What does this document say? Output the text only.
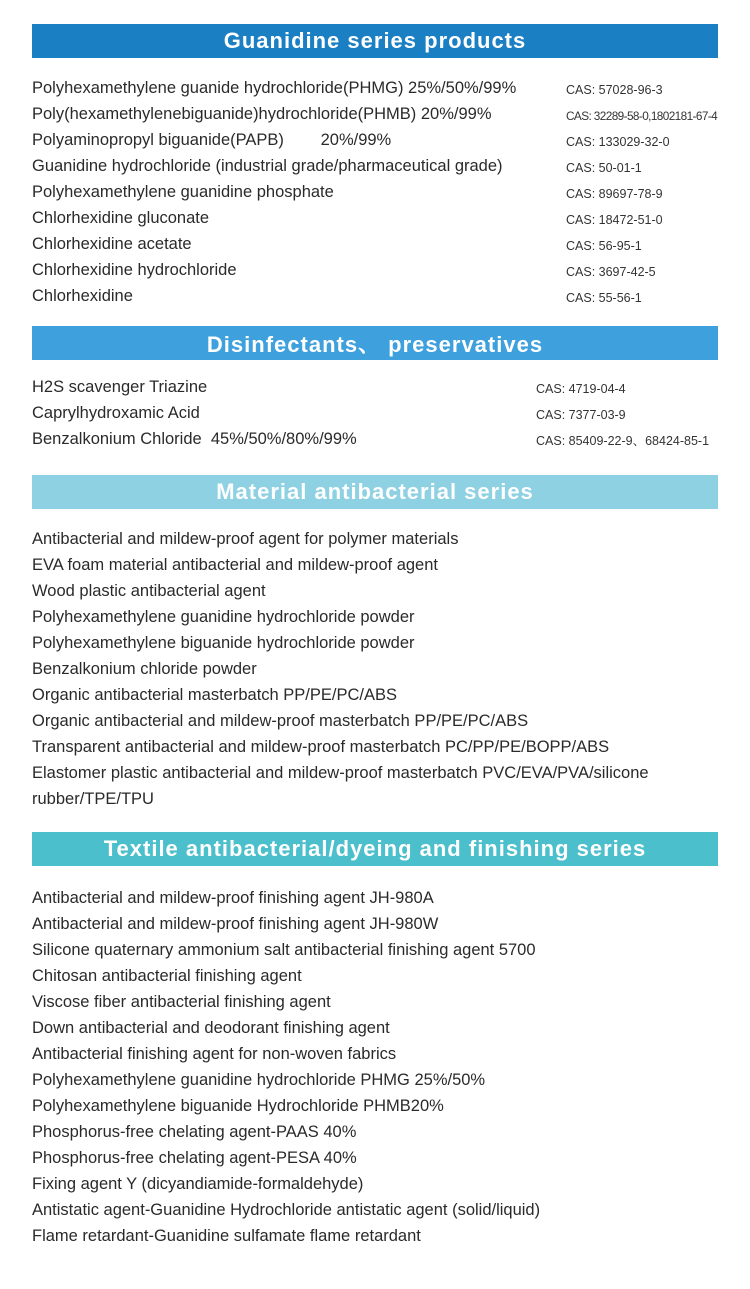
Guanidine series products
Polyhexamethylene guanide hydrochloride(PHMG) 25%/50%/99%	CAS: 57028-96-3
Poly(hexamethylenebiguanide)hydrochloride(PHMB) 20%/99%	CAS: 32289-58-0,1802181-67-4
Polyaminopropyl biguanide(PAPB)        20%/99%	CAS: 133029-32-0
Guanidine hydrochloride (industrial grade/pharmaceutical grade)	CAS: 50-01-1
Polyhexamethylene guanidine phosphate	CAS: 89697-78-9
Chlorhexidine gluconate	CAS: 18472-51-0
Chlorhexidine acetate	CAS: 56-95-1
Chlorhexidine hydrochloride	CAS: 3697-42-5
Chlorhexidine	CAS: 55-56-1
Disinfectants、 preservatives
H2S scavenger Triazine	CAS: 4719-04-4
Caprylhydroxamic Acid	CAS: 7377-03-9
Benzalkonium Chloride  45%/50%/80%/99%	CAS: 85409-22-9、68424-85-1
Material antibacterial series
Antibacterial and mildew-proof agent for polymer materials
EVA foam material antibacterial and mildew-proof agent
Wood plastic antibacterial agent
Polyhexamethylene guanidine hydrochloride powder
Polyhexamethylene biguanide hydrochloride powder
Benzalkonium chloride powder
Organic antibacterial masterbatch PP/PE/PC/ABS
Organic antibacterial and mildew-proof masterbatch PP/PE/PC/ABS
Transparent antibacterial and mildew-proof masterbatch PC/PP/PE/BOPP/ABS
Elastomer plastic antibacterial and mildew-proof masterbatch PVC/EVA/PVA/silicone rubber/TPE/TPU
Textile antibacterial/dyeing and finishing series
Antibacterial and mildew-proof finishing agent JH-980A
Antibacterial and mildew-proof finishing agent JH-980W
Silicone quaternary ammonium salt antibacterial finishing agent 5700
Chitosan antibacterial finishing agent
Viscose fiber antibacterial finishing agent
Down antibacterial and deodorant finishing agent
Antibacterial finishing agent for non-woven fabrics
Polyhexamethylene guanidine hydrochloride PHMG 25%/50%
Polyhexamethylene biguanide Hydrochloride PHMB20%
Phosphorus-free chelating agent-PAAS 40%
Phosphorus-free chelating agent-PESA 40%
Fixing agent Y (dicyandiamide-formaldehyde)
Antistatic agent-Guanidine Hydrochloride antistatic agent (solid/liquid)
Flame retardant-Guanidine sulfamate flame retardant
